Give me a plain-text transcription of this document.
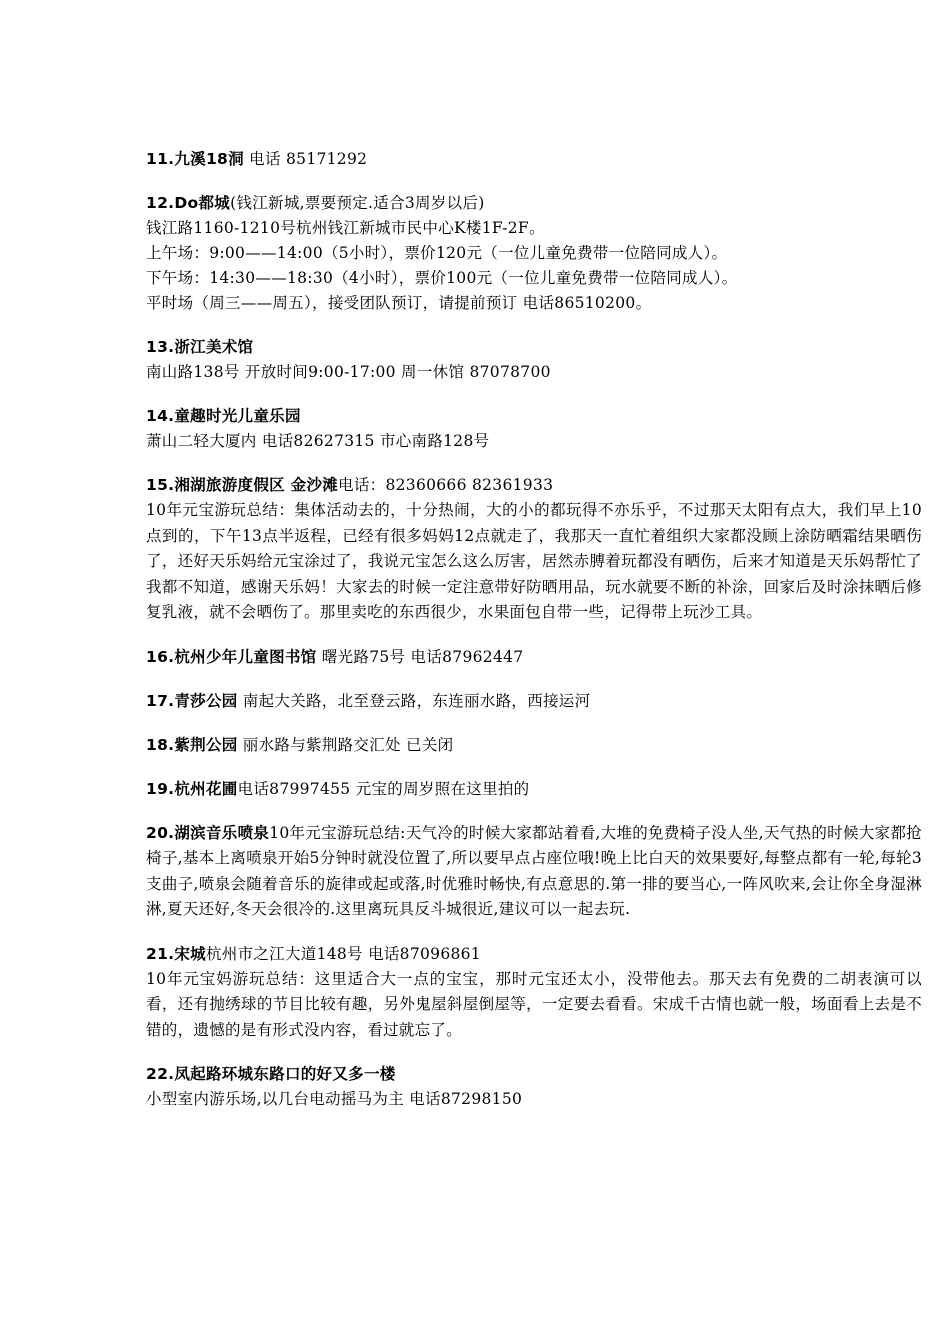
11.九溪18洞 电话 85171292
12.Do都城(钱江新城,票要预定.适合3周岁以后)
钱江路1160-1210号杭州钱江新城市民中心K楼1F-2F。
上午场：9:00——14:00（5小时），票价120元（一位儿童免费带一位陪同成人）。
下午场：14:30——18:30（4小时），票价100元（一位儿童免费带一位陪同成人）。
平时场（周三——周五），接受团队预订，请提前预订 电话86510200。
13.浙江美术馆
南山路138号 开放时间9:00-17:00 周一休馆 87078700
14.童趣时光儿童乐园
萧山二轻大厦内 电话82627315 市心南路128号
15.湘湖旅游度假区 金沙滩电话：82360666 82361933
10年元宝游玩总结：集体活动去的，十分热闹，大的小的都玩得不亦乐乎，不过那天太阳有点大，我们早上10点到的，下午13点半返程，已经有很多妈妈12点就走了，我那天一直忙着组织大家都没顾上涂防晒霜结果晒伤了，还好天乐妈给元宝涂过了，我说元宝怎么这么厉害，居然赤膊着玩都没有晒伤，后来才知道是天乐妈帮忙了我都不知道，感谢天乐妈！大家去的时候一定注意带好防晒用品，玩水就要不断的补涂，回家后及时涂抹晒后修复乳液，就不会晒伤了。那里卖吃的东西很少，水果面包自带一些，记得带上玩沙工具。
16.杭州少年儿童图书馆 曙光路75号 电话87962447
17.青莎公园 南起大关路，北至登云路，东连丽水路，西接运河
18.紫荆公园 丽水路与紫荆路交汇处 已关闭
19.杭州花圃电话87997455 元宝的周岁照在这里拍的
20.湖滨音乐喷泉10年元宝游玩总结:天气冷的时候大家都站着看,大堆的免费椅子没人坐,天气热的时候大家都抢椅子,基本上离喷泉开始5分钟时就没位置了,所以要早点占座位哦!晚上比白天的效果要好,每整点都有一轮,每轮3支曲子,喷泉会随着音乐的旋律或起或落,时优雅时畅快,有点意思的.第一排的要当心,一阵风吹来,会让你全身湿淋淋,夏天还好,冬天会很冷的.这里离玩具反斗城很近,建议可以一起去玩.
21.宋城杭州市之江大道148号 电话87096861
10年元宝妈游玩总结：这里适合大一点的宝宝，那时元宝还太小，没带他去。那天去有免费的二胡表演可以看，还有抛绣球的节目比较有趣，另外鬼屋斜屋倒屋等，一定要去看看。宋成千古情也就一般，场面看上去是不错的，遗憾的是有形式没内容，看过就忘了。
22.凤起路环城东路口的好又多一楼
小型室内游乐场,以几台电动摇马为主 电话87298150
